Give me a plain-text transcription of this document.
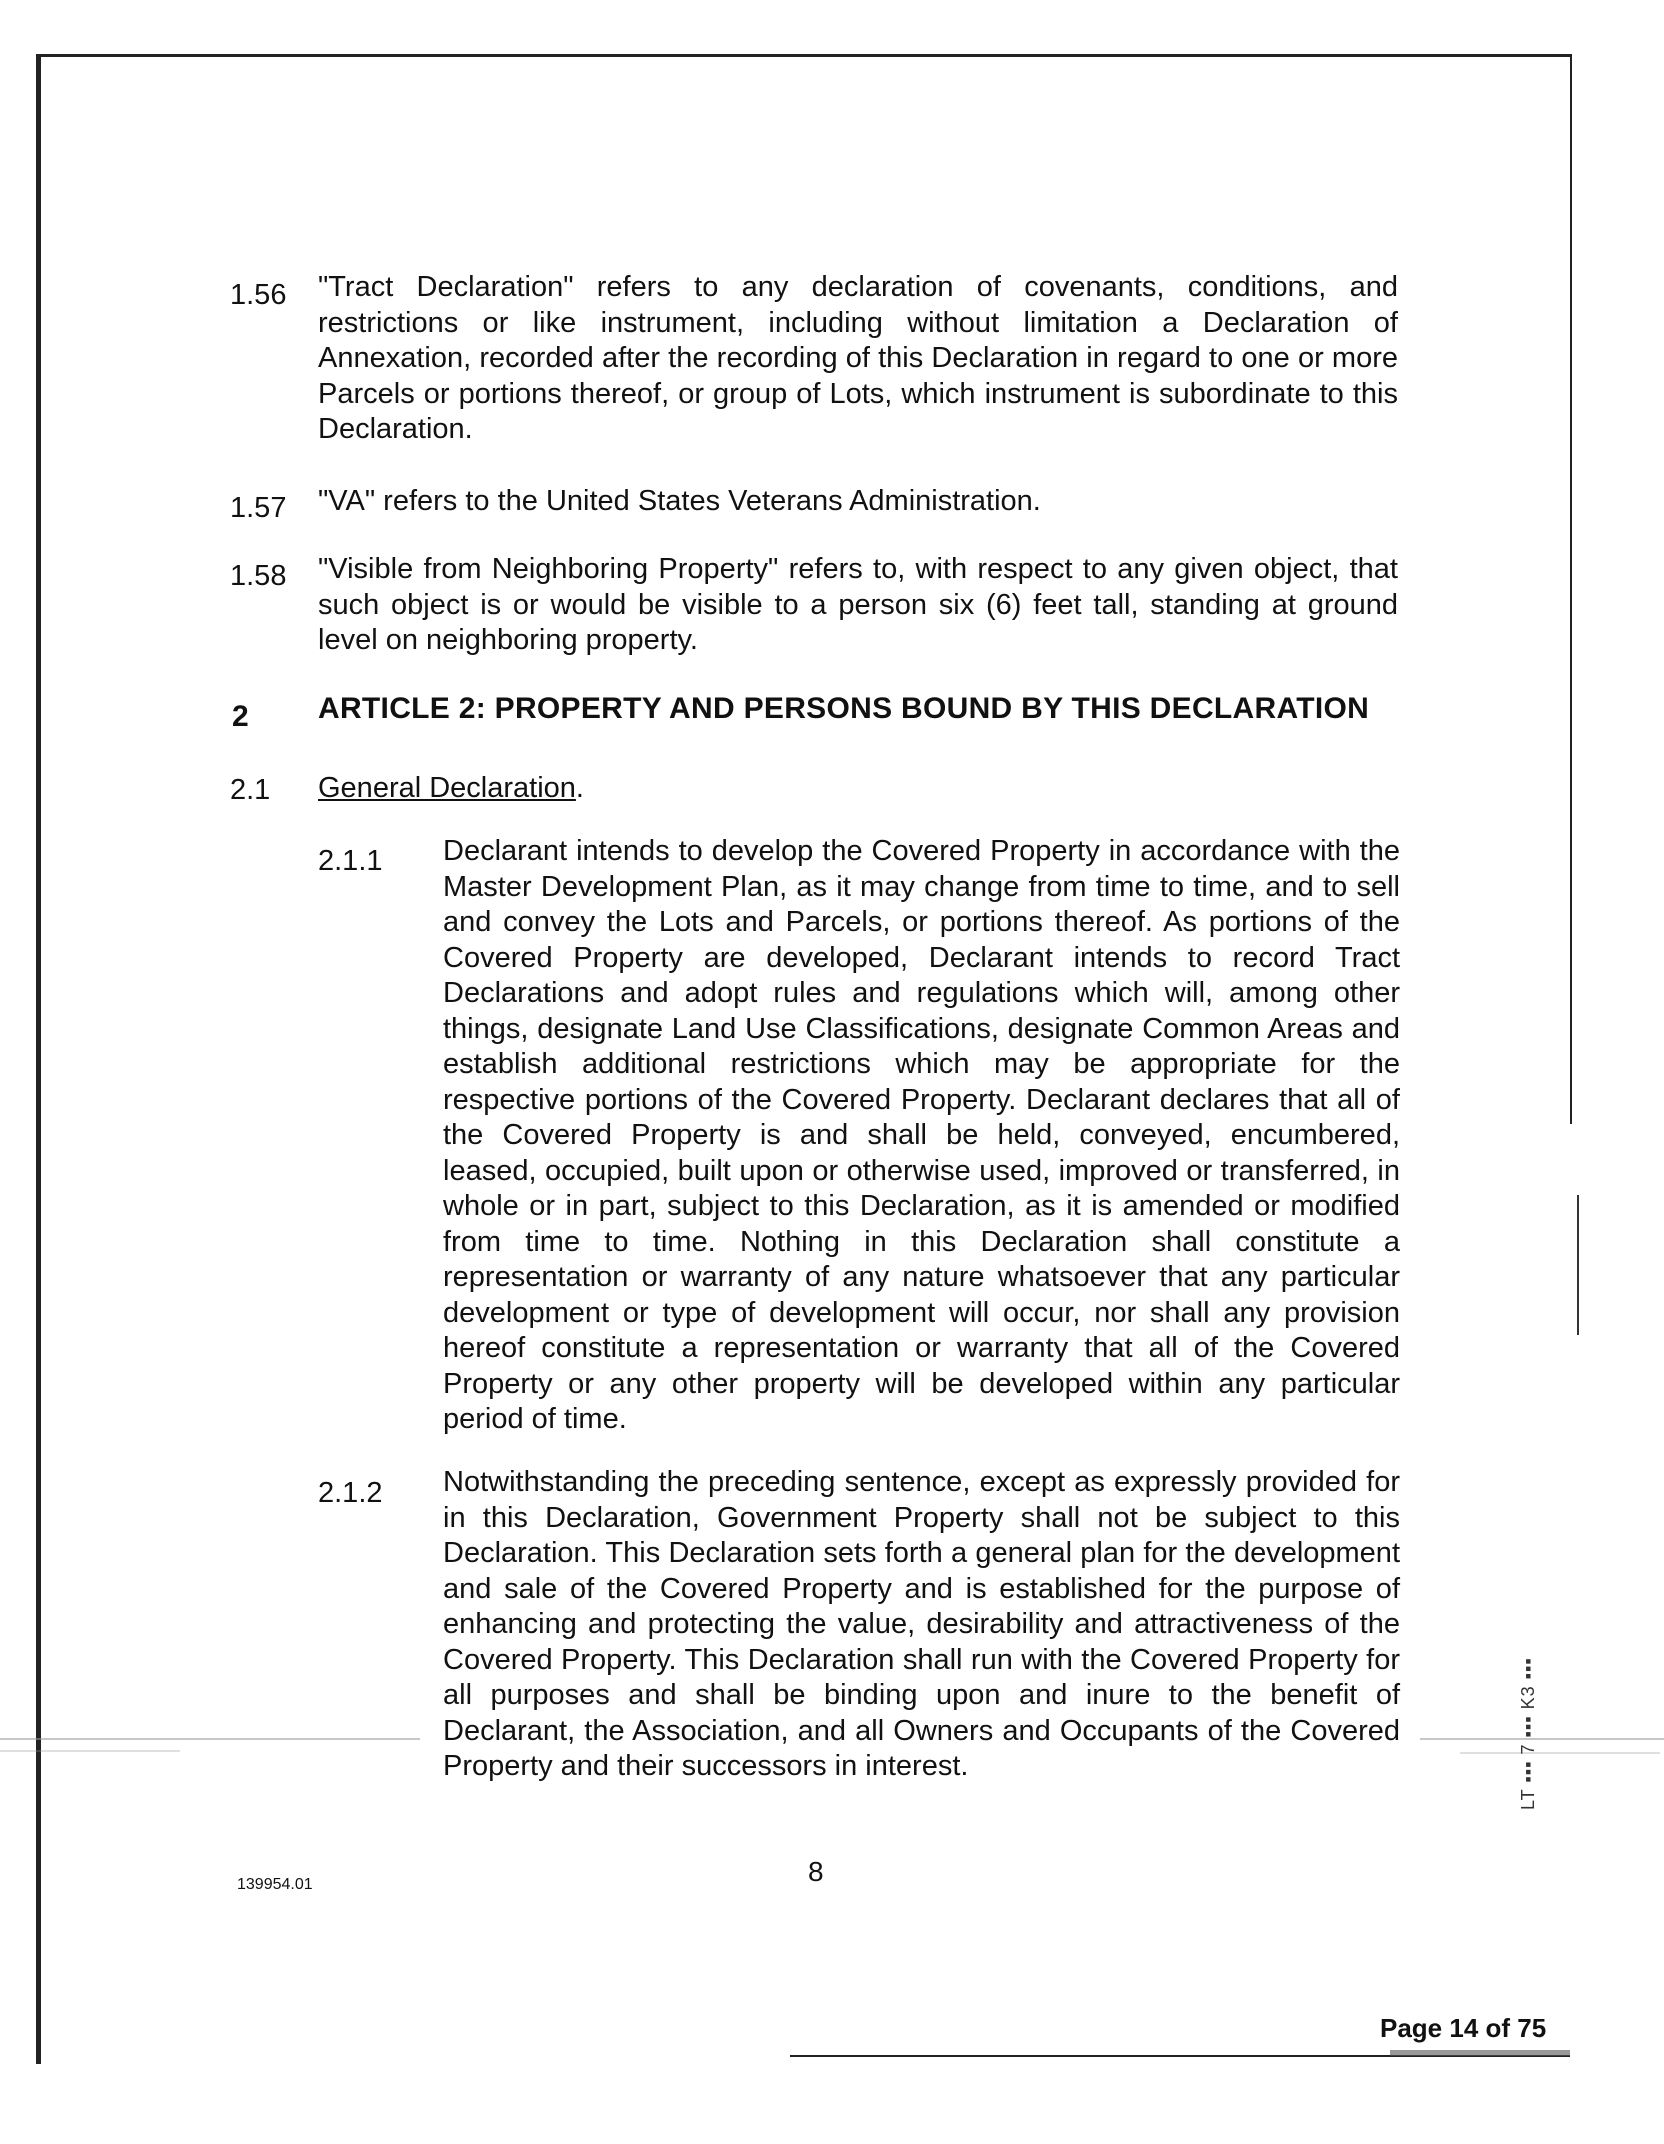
1.56 "Tract Declaration" refers to any declaration of covenants, conditions, and restrictions or like instrument, including without limitation a Declaration of Annexation, recorded after the recording of this Declaration in regard to one or more Parcels or portions thereof, or group of Lots, which instrument is subordinate to this Declaration.
1.57 "VA" refers to the United States Veterans Administration.
1.58 "Visible from Neighboring Property" refers to, with respect to any given object, that such object is or would be visible to a person six (6) feet tall, standing at ground level on neighboring property.
2 ARTICLE 2: PROPERTY AND PERSONS BOUND BY THIS DECLARATION
2.1 General Declaration.
2.1.1 Declarant intends to develop the Covered Property in accordance with the Master Development Plan, as it may change from time to time, and to sell and convey the Lots and Parcels, or portions thereof. As portions of the Covered Property are developed, Declarant intends to record Tract Declarations and adopt rules and regulations which will, among other things, designate Land Use Classifications, designate Common Areas and establish additional restrictions which may be appropriate for the respective portions of the Covered Property. Declarant declares that all of the Covered Property is and shall be held, conveyed, encumbered, leased, occupied, built upon or otherwise used, improved or transferred, in whole or in part, subject to this Declaration, as it is amended or modified from time to time. Nothing in this Declaration shall constitute a representation or warranty of any nature whatsoever that any particular development or type of development will occur, nor shall any provision hereof constitute a representation or warranty that all of the Covered Property or any other property will be developed within any particular period of time.
2.1.2 Notwithstanding the preceding sentence, except as expressly provided for in this Declaration, Government Property shall not be subject to this Declaration. This Declaration sets forth a general plan for the development and sale of the Covered Property and is established for the purpose of enhancing and protecting the value, desirability and attractiveness of the Covered Property. This Declaration shall run with the Covered Property for all purposes and shall be binding upon and inure to the benefit of Declarant, the Association, and all Owners and Occupants of the Covered Property and their successors in interest.	LT ▪▪▪ 7 ▪▪▪ K3 ▪▪▪
139954.01	8
Page 14 of 75
